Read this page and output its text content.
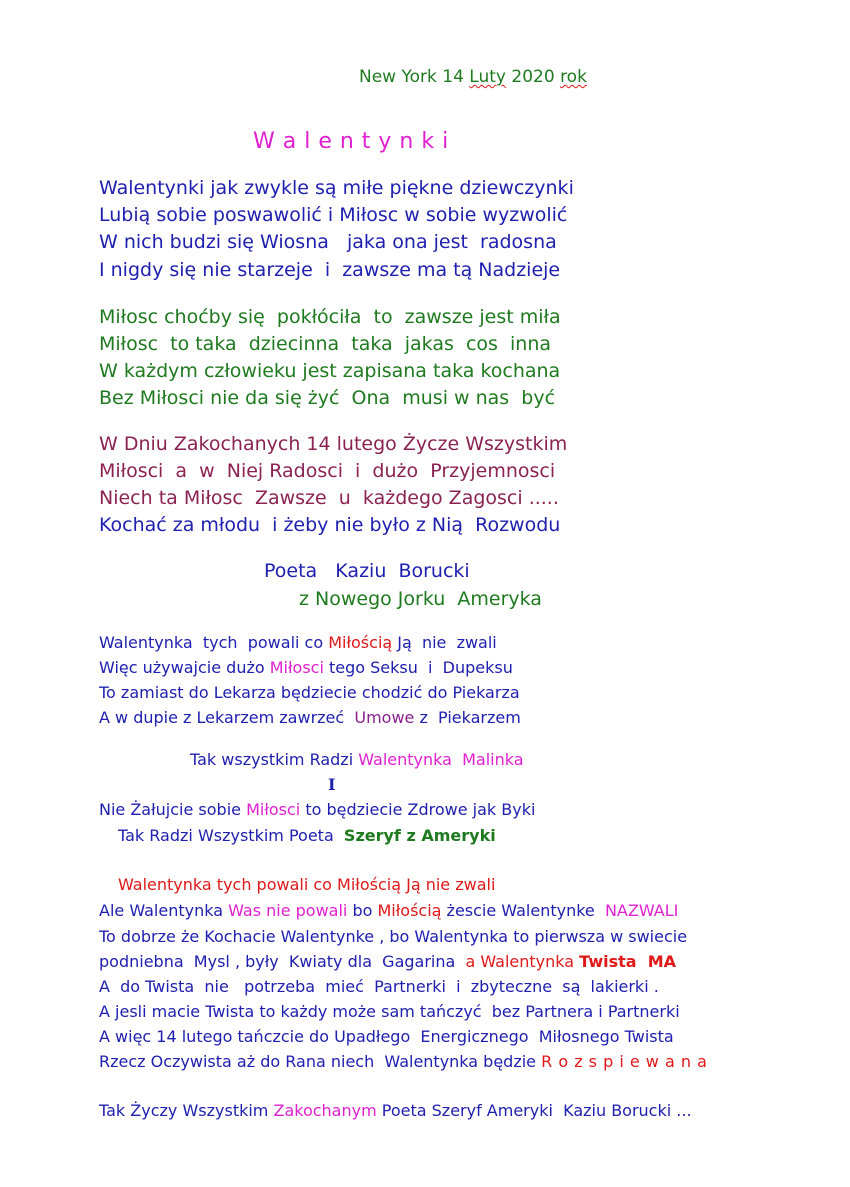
New York 14 Luty 2020 rok
W a l e n t y n k i
Walentynki jak zwykle są miłe piękne dziewczynki
Lubią sobie poswawolić i Miłosc w sobie wyzwolić
W nich budzi się Wiosna   jaka ona jest  radosna
I nigdy się nie starzeje  i  zawsze ma tą Nadzieje
Miłosc choćby się  pokłóciła  to  zawsze jest miła
Miłosc  to taka  dziecinna  taka  jakas  cos  inna
W każdym człowieku jest zapisana taka kochana
Bez Miłosci nie da się żyć  Ona  musi w nas  być
W Dniu Zakochanych 14 lutego Życze Wszystkim
Miłosci  a  w  Niej Radosci  i  dużo  Przyjemnosci
Niech ta Miłosc  Zawsze  u  każdego Zagosci .....
Kochać za młodu  i żeby nie było z Nią  Rozwodu
Poeta   Kaziu  Borucki
z Nowego Jorku  Ameryka
Walentynka  tych  powali co Miłością Ją  nie  zwali
Więc używajcie dużo Miłosci tego Seksu  i  Dupeksu
To zamiast do Lekarza będziecie chodzić do Piekarza
A w dupie z Lekarzem zawrzeć  Umowe z  Piekarzem
Tak wszystkim Radzi Walentynka  Malinka
I
Nie Żałujcie sobie Miłosci to będziecie Zdrowe jak Byki
Tak Radzi Wszystkim Poeta  Szeryf z Ameryki
Walentynka tych powali co Miłością Ją nie zwali
Ale Walentynka Was nie powali bo Miłością żescie Walentynke  NAZWALI
To dobrze że Kochacie Walentynke , bo Walentynka to pierwsza w swiecie
podniebna  Mysl , były  Kwiaty dla  Gagarina  a Walentynka Twista  MA
A  do Twista  nie   potrzeba  mieć  Partnerki  i  zbyteczne  są  lakierki .
A jesli macie Twista to każdy może sam tańczyć  bez Partnera i Partnerki
A więc 14 lutego tańczcie do Upadłego  Energicznego  Miłosnego Twista
Rzecz Oczywista aż do Rana niech  Walentynka będzie R o z s p i e w a n a
Tak Życzy Wszystkim Zakochanym Poeta Szeryf Ameryki  Kaziu Borucki ...
